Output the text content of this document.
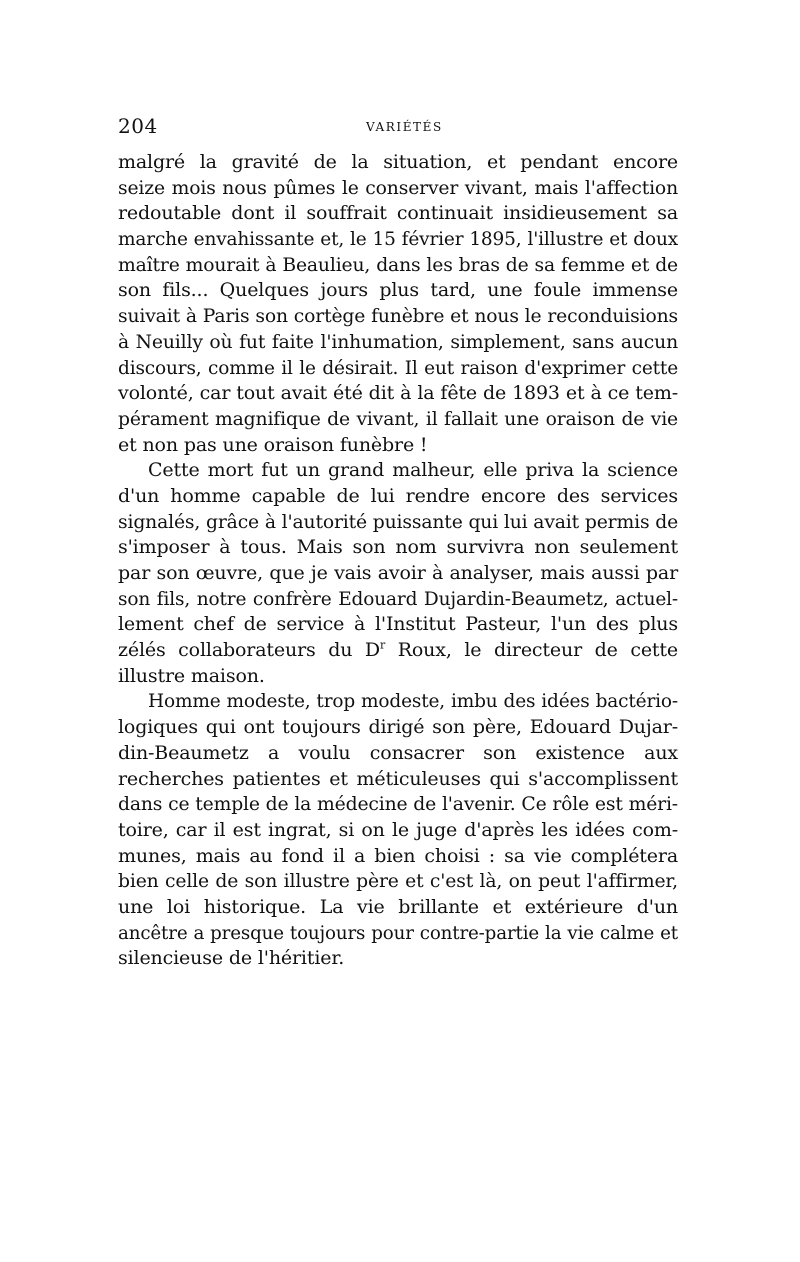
204	VARIÉTÉS
malgré la gravité de la situation, et pendant encore
seize mois nous pûmes le conserver vivant, mais l'affection
redoutable dont il souffrait continuait insidieusement sa
marche envahissante et, le 15 février 1895, l'illustre et doux
maître mourait à Beaulieu, dans les bras de sa femme et de
son fils... Quelques jours plus tard, une foule immense
suivait à Paris son cortège funèbre et nous le reconduisions
à Neuilly où fut faite l'inhumation, simplement, sans aucun
discours, comme il le désirait. Il eut raison d'exprimer cette
volonté, car tout avait été dit à la fête de 1893 et à ce tem-
pérament magnifique de vivant, il fallait une oraison de vie
et non pas une oraison funèbre !
Cette mort fut un grand malheur, elle priva la science
d'un homme capable de lui rendre encore des services
signalés, grâce à l'autorité puissante qui lui avait permis de
s'imposer à tous. Mais son nom survivra non seulement
par son œuvre, que je vais avoir à analyser, mais aussi par
son fils, notre confrère Edouard Dujardin-Beaumetz, actuel-
lement chef de service à l'Institut Pasteur, l'un des plus
zélés collaborateurs du $D^r$ Roux, le directeur de cette
illustre maison.
Homme modeste, trop modeste, imbu des idées bactério-
logiques qui ont toujours dirigé son père, Edouard Dujar-
din-Beaumetz a voulu consacrer son existence aux
recherches patientes et méticuleuses qui s'accomplissent
dans ce temple de la médecine de l'avenir. Ce rôle est méri-
toire, car il est ingrat, si on le juge d'après les idées com-
munes, mais au fond il a bien choisi : sa vie complétera
bien celle de son illustre père et c'est là, on peut l'affirmer,
une loi historique. La vie brillante et extérieure d'un
ancêtre a presque toujours pour contre-partie la vie calme et
silencieuse de l'héritier.
